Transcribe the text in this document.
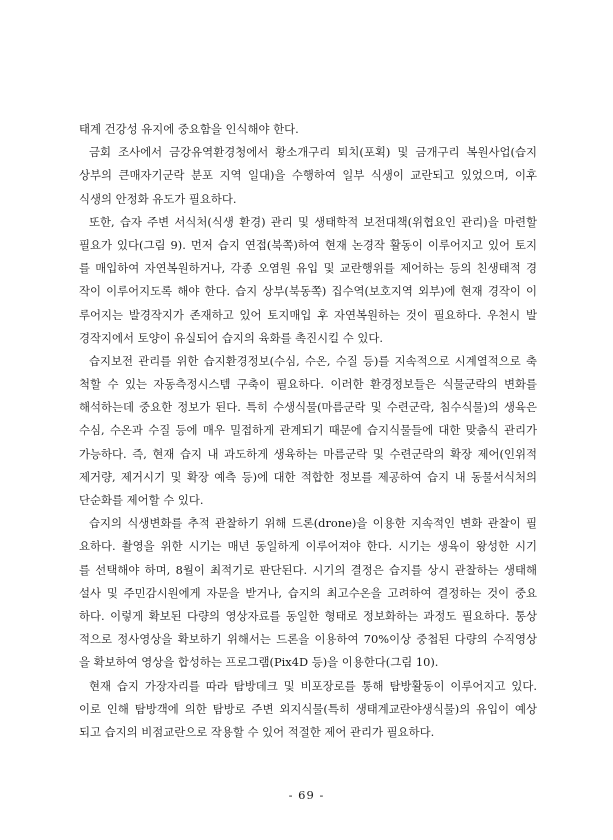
태계 건강성 유지에 중요함을 인식해야 한다.
금회 조사에서 금강유역환경청에서 황소개구리 퇴치(포획) 및 금개구리 복원사업(습지
상부의 큰매자기군락 분포 지역 일대)을 수행하여 일부 식생이 교란되고 있었으며, 이후
식생의 안정화 유도가 필요하다.
또한, 습자 주변 서식처(식생 환경) 관리 및 생태학적 보전대책(위협요인 관리)을 마련할
필요가 있다(그림 9). 먼저 습지 연접(북쪽)하여 현재 논경작 활동이 이루어지고 있어 토지
를 매입하여 자연복원하거나, 각종 오염원 유입 및 교란행위를 제어하는 등의 친생태적 경
작이 이루어지도록 해야 한다. 습지 상부(북동쪽) 집수역(보호지역 외부)에 현재 경작이 이
루어지는 발경작지가 존재하고 있어 토지매입 후 자연복원하는 것이 필요하다. 우천시 발
경작지에서 토양이 유실되어 습지의 육화를 촉진시킬 수 있다.
습지보전 관리를 위한 습지환경정보(수심, 수온, 수질 등)를 지속적으로 시계열적으로 축
척할 수 있는 자동측정시스템 구축이 필요하다. 이러한 환경정보들은 식물군락의 변화를
해석하는데 중요한 정보가 된다. 특히 수생식물(마름군락 및 수련군락, 침수식물)의 생육은
수심, 수온과 수질 등에 매우 밀접하게 관계되기 때문에 습지식물들에 대한 맞춤식 관리가
가능하다. 즉, 현재 습지 내 과도하게 생육하는 마름군락 및 수련군락의 확장 제어(인위적
제거량, 제거시기 및 확장 예측 등)에 대한 적합한 정보를 제공하여 습지 내 동물서식처의
단순화를 제어할 수 있다.
습지의 식생변화를 추적 관찰하기 위해 드론(drone)을 이용한 지속적인 변화 관찰이 필
요하다. 촬영을 위한 시기는 매년 동일하게 이루어져야 한다. 시기는 생육이 왕성한 시기
를 선택해야 하며, 8월이 최적기로 판단된다. 시기의 결정은 습지를 상시 관찰하는 생태해
설사 및 주민감시원에게 자문을 받거나, 습지의 최고수온을 고려하여 결정하는 것이 중요
하다. 이렇게 확보된 다량의 영상자료를 동일한 형태로 정보화하는 과정도 필요하다. 통상
적으로 정사영상을 확보하기 위해서는 드론을 이용하여 70%이상 중첩된 다량의 수직영상
을 확보하여 영상을 합성하는 프로그램(Pix4D 등)을 이용한다(그림 10).
현재 습지 가장자리를 따라 탐방데크 및 비포장로를 통해 탐방활동이 이루어지고 있다.
이로 인해 탐방객에 의한 탐방로 주변 외지식물(특히 생태계교란야생식물)의 유입이 예상
되고 습지의 비점교란으로 작용할 수 있어 적절한 제어 관리가 필요하다.
- 69 -
